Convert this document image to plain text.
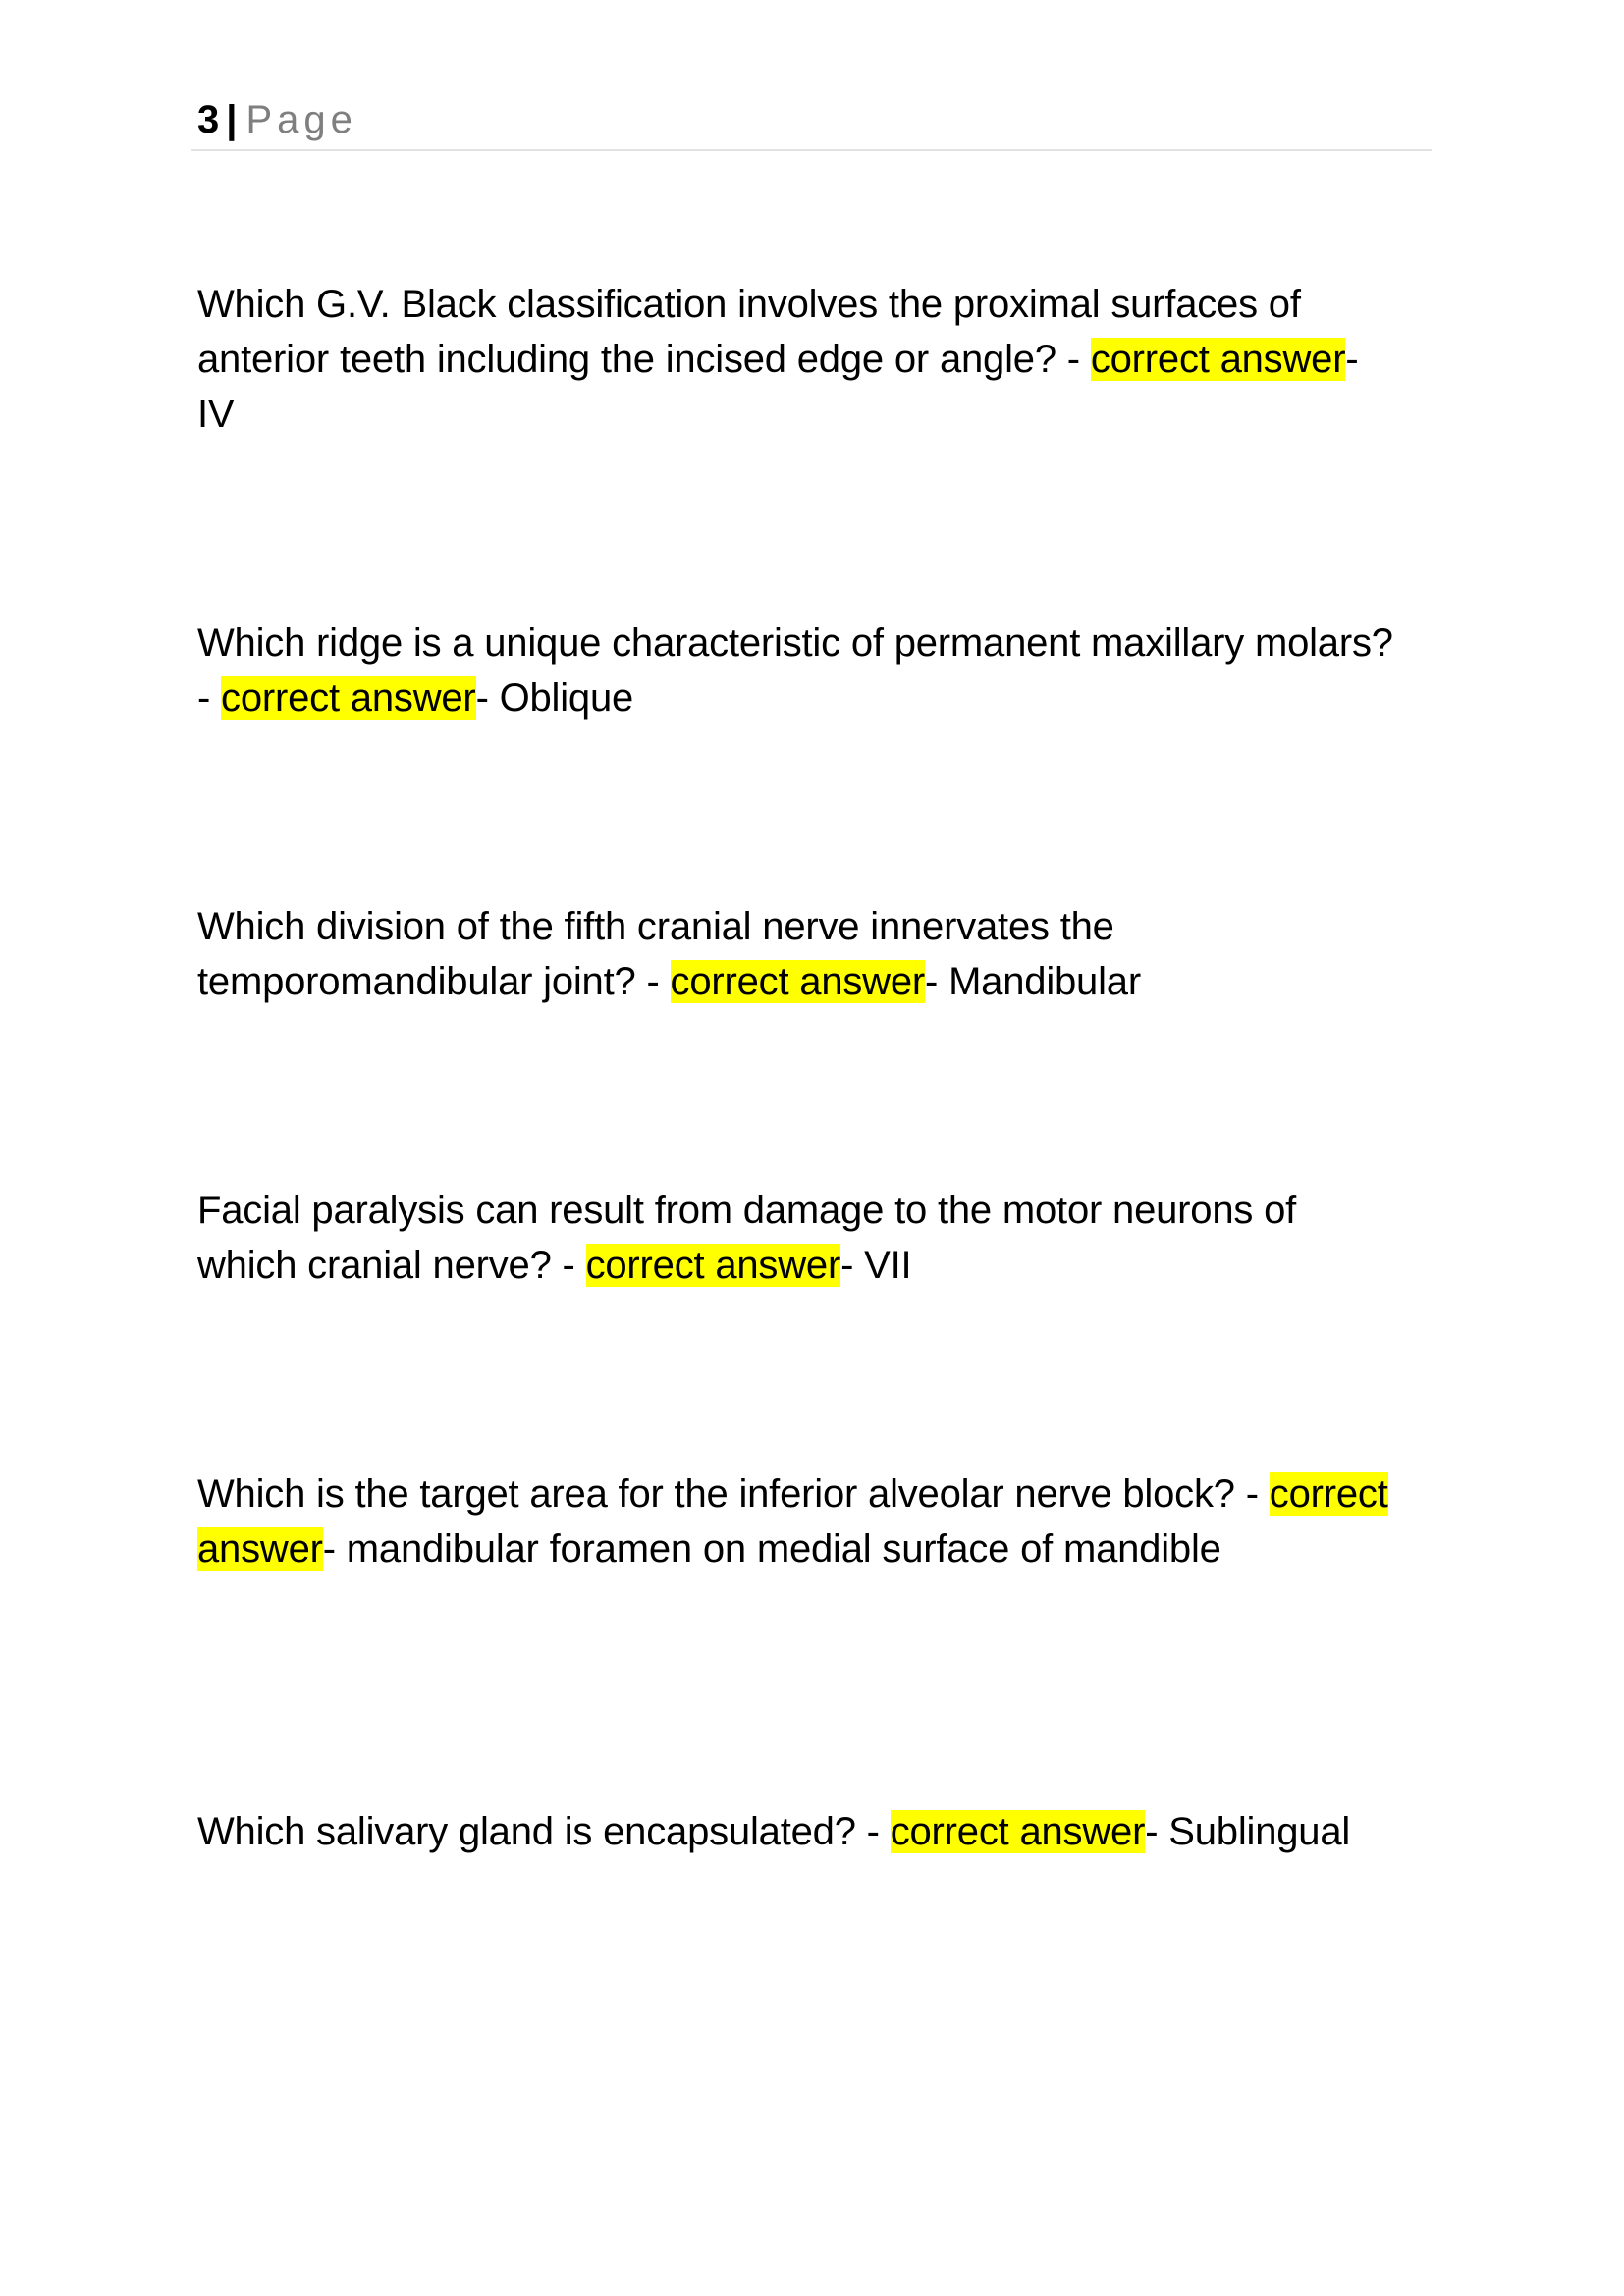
3 | Page
Which G.V. Black classification involves the proximal surfaces of anterior teeth including the incised edge or angle? - correct answer- IV
Which ridge is a unique characteristic of permanent maxillary molars? - correct answer- Oblique
Which division of the fifth cranial nerve innervates the temporomandibular joint? - correct answer- Mandibular
Facial paralysis can result from damage to the motor neurons of which cranial nerve? - correct answer- VII
Which is the target area for the inferior alveolar nerve block? - correct answer- mandibular foramen on medial surface of mandible
Which salivary gland is encapsulated? - correct answer- Sublingual
